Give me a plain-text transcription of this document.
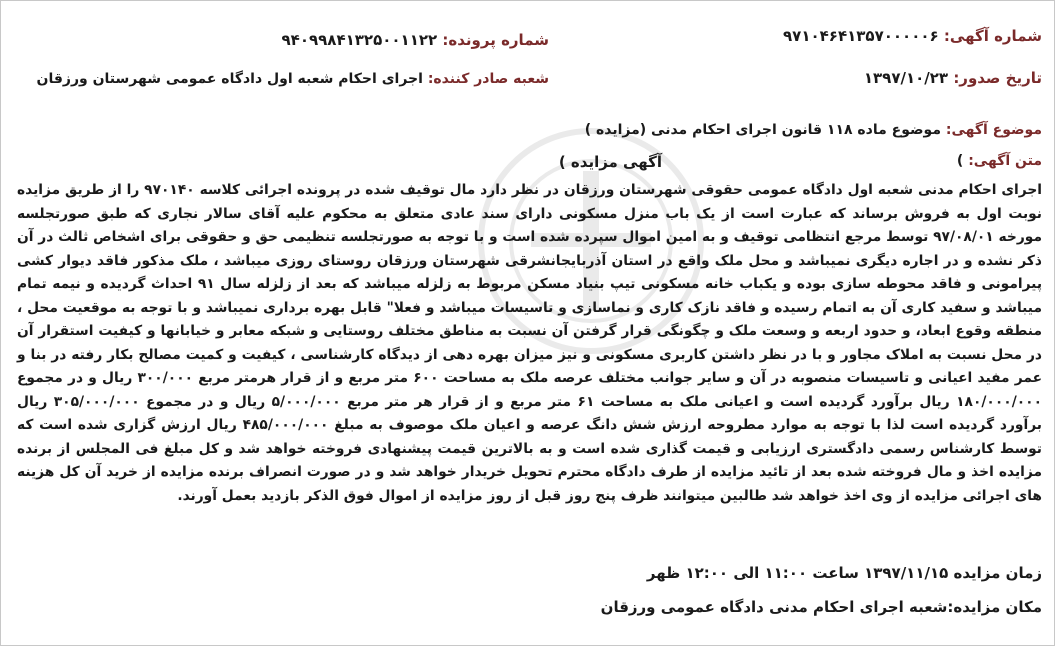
شماره آگهی: ۹۷۱۰۴۶۴۱۳۵۷۰۰۰۰۰۶
تاریخ صدور: ۱۳۹۷/۱۰/۲۳
شماره پرونده: ۹۴۰۹۹۸۴۱۳۲۵۰۰۱۱۲۲
شعبه صادر کننده: اجرای احکام شعبه اول دادگاه عمومی شهرستان ورزقان
موضوع آگهی: موضوع ماده ۱۱۸ قانون اجرای احکام مدنی (مزایده )
متن آگهی: )
آگهی مزایده )
اجرای احکام مدنی شعبه اول دادگاه عمومی حقوقی شهرستان ورزقان در نظر دارد مال توقیف شده در پرونده اجرائی کلاسه ۹۷۰۱۴۰ را از طریق مزایده نوبت اول به فروش برساند که عبارت است از یک باب منزل مسکونی دارای سند عادی متعلق به محکوم علیه آقای سالار نجاری که طبق صورتجلسه مورخه ۹۷/۰۸/۰۱ توسط مرجع انتظامی توقیف و به امین اموال سپرده شده است و با توجه به صورتجلسه تنظیمی حق و حقوقی برای اشخاص ثالث در آن ذکر نشده و در اجاره دیگری نمیباشد و محل ملک واقع در استان آذربایجانشرقی شهرستان ورزقان روستای روزی میباشد ، ملک مذکور فاقد دیوار کشی پیرامونی و فاقد محوطه سازی بوده و یکباب خانه مسکونی تیپ بنیاد مسکن مربوط به زلزله میباشد که بعد از زلزله سال ۹۱ احداث گردیده و نیمه تمام میباشد و سفید کاری آن به اتمام رسیده و فاقد نازک کاری و نماسازی و تاسیسات میباشد و فعلا" قابل بهره برداری نمیباشد و با توجه به موقعیت محل ، منطقه وقوع ابعاد، و حدود اربعه و وسعت ملک و چگونگی قرار گرفتن آن نسبت به مناطق مختلف روستایی و شبکه معابر و خیابانها و کیفیت استقرار آن در محل نسبت به املاک مجاور و با در نظر داشتن کاربری مسکونی و نیز میزان بهره دهی از دیدگاه کارشناسی ، کیفیت و کمیت مصالح بکار رفته در بنا و عمر مفید اعیانی و تاسیسات منصوبه در آن و سایر جوانب مختلف عرصه ملک به مساحت ۶۰۰ متر مربع و از قرار هرمتر مربع ۳۰۰/۰۰۰ ریال و در مجموع ۱۸۰/۰۰۰/۰۰۰ ریال برآورد گردیده است و اعیانی ملک به مساحت ۶۱ متر مربع و از قرار هر متر مربع ۵/۰۰۰/۰۰۰ ریال و در مجموع ۳۰۵/۰۰۰/۰۰۰ ریال برآورد گردیده است لذا با توجه به موارد مطروحه ارزش شش دانگ عرصه و اعیان ملک موصوف به مبلغ ۴۸۵/۰۰۰/۰۰۰ ریال ارزش گزاری شده است که توسط کارشناس رسمی دادگستری ارزیابی و قیمت گذاری شده است و به بالاترین قیمت پیشنهادی فروخته خواهد شد و کل مبلغ فی المجلس از برنده مزایده اخذ و مال فروخته شده بعد از تائید مزایده از طرف دادگاه محترم تحویل خریدار خواهد شد و در صورت انصراف برنده مزایده از خرید آن کل هزینه های اجرائی مزایده از وی اخذ خواهد شد طالبین میتوانند ظرف پنج روز قبل از روز مزایده از اموال فوق الذکر بازدید بعمل آورند.
زمان مزایده ۱۳۹۷/۱۱/۱۵ ساعت ۱۱:۰۰ الی ۱۲:۰۰ ظهر
مکان مزایده:شعبه اجرای احکام مدنی دادگاه عمومی ورزقان
